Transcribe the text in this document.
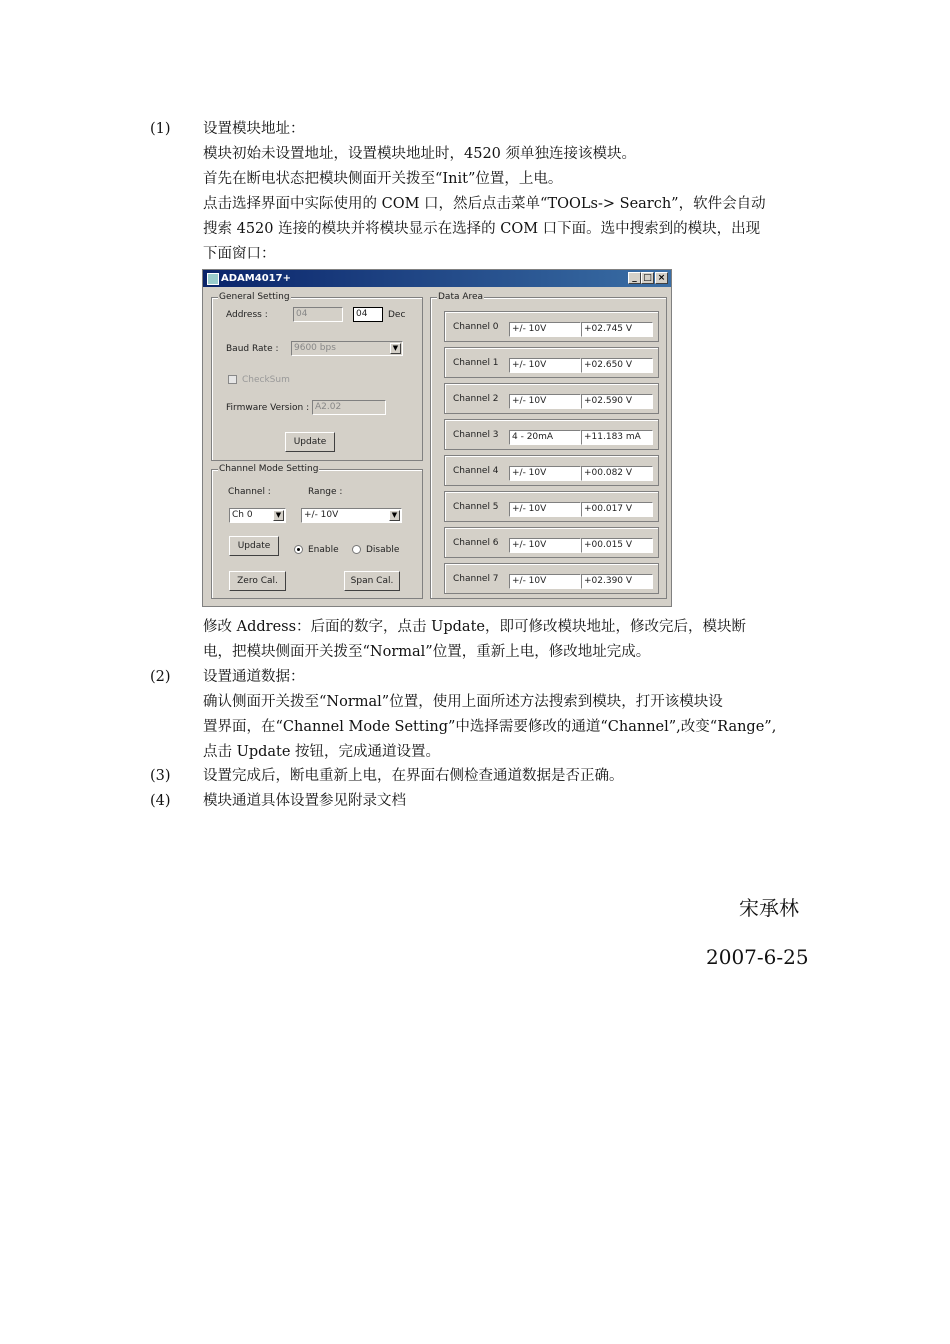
(1) 设置模块地址：
模块初始未设置地址，设置模块地址时，4520 须单独连接该模块。
首先在断电状态把模块侧面开关拨至“Init”位置，上电。
点击选择界面中实际使用的 COM 口，然后点击菜单“TOOLs-> Search”，软件会自动
搜索 4520 连接的模块并将模块显示在选择的 COM 口下面。选中搜索到的模块，出现
下面窗口：
ADAM4017+	_ □ ×
General Setting
Address :	04	04	Dec
Baud Rate :	9600 bps	▼
CheckSum
Firmware Version : A2.02
Update
Channel Mode Setting
Channel :	Range :
Ch 0	▼	+/- 10V	▼
Update	Enable	Disable
Zero Cal.	Span Cal.
Data Area
Channel 0	+/- 10V	+02.745 V
Channel 1	+/- 10V	+02.650 V
Channel 2	+/- 10V	+02.590 V
Channel 3	4 - 20mA	+11.183 mA
Channel 4	+/- 10V	+00.082 V
Channel 5	+/- 10V	+00.017 V
Channel 6	+/- 10V	+00.015 V
Channel 7	+/- 10V	+02.390 V
修改 Address：后面的数字，点击 Update，即可修改模块地址，修改完后，模块断
电，把模块侧面开关拨至“Normal”位置，重新上电，修改地址完成。
(2) 设置通道数据：
确认侧面开关拨至“Normal”位置，使用上面所述方法搜索到模块，打开该模块设
置界面，在“Channel Mode Setting”中选择需要修改的通道“Channel”,改变“Range”,
点击 Update 按钮，完成通道设置。
(3) 设置完成后，断电重新上电，在界面右侧检查通道数据是否正确。
(4) 模块通道具体设置参见附录文档
宋承林
2007-6-25
